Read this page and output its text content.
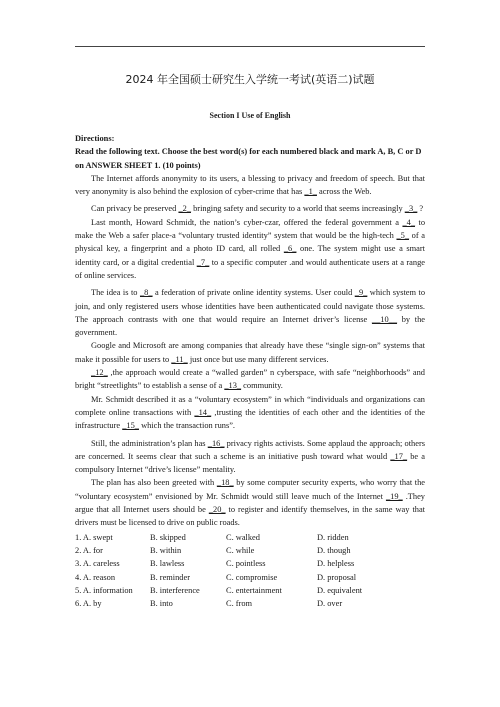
2024 年全国硕士研究生入学统一考试(英语二)试题
Section I Use of English

Directions:

Read the following text. Choose the best word(s) for each numbered black and mark A, B, C or D on ANSWER SHEET 1. (10 points)

The Internet affords anonymity to its users, a blessing to privacy and freedom of speech. But that very anonymity is also behind the explosion of cyber-crime that has _1_ across the Web.

Can privacy be preserved _2_ bringing safety and security to a world that seems increasingly _3_ ?

Last month, Howard Schmidt, the nation’s cyber-czar, offered the federal government a _4_ to make the Web a safer place-a “voluntary trusted identity” system that would be the high-tech _5_ of a physical key, a fingerprint and a photo ID card, all rolled _6_ one. The system might use a smart identity card, or a digital credential _7_ to a specific computer .and would authenticate users at a range of online services.

The idea is to _8_ a federation of private online identity systems. User could _9_ which system to join, and only registered users whose identities have been authenticated could navigate those systems. The approach contrasts with one that would require an Internet driver’s license __10__ by the government.

Google and Microsoft are among companies that already have these “single sign-on” systems that make it possible for users to _11_ just once but use many different services.

_12_ ,the approach would create a “walled garden” n cyberspace, with safe “neighborhoods” and bright “streetlights” to establish a sense of a _13_ community.

Mr. Schmidt described it as a “voluntary ecosystem” in which “individuals and organizations can complete online transactions with _14_ ,trusting the identities of each other and the identities of the infrastructure _15_ which the transaction runs”.

Still, the administration’s plan has _16_ privacy rights activists. Some applaud the approach; others are concerned. It seems clear that such a scheme is an initiative push toward what would _17_ be a compulsory Internet “drive’s license” mentality.

The plan has also been greeted with _18_ by some computer security experts, who worry that the “voluntary ecosystem” envisioned by Mr. Schmidt would still leave much of the Internet _19_ .They argue that all Internet users should be _20_ to register and identify themselves, in the same way that drivers must be licensed to drive on public roads.

1. A. swept	B. skipped	C. walked	D. ridden
2. A. for	B. within	C. while	D. though
3. A. careless	B. lawless	C. pointless	D. helpless
4. A. reason	B. reminder	C. compromise	D. proposal
5. A. information	B. interference	C. entertainment	D. equivalent
6. A. by	B. into	C. from	D. over
